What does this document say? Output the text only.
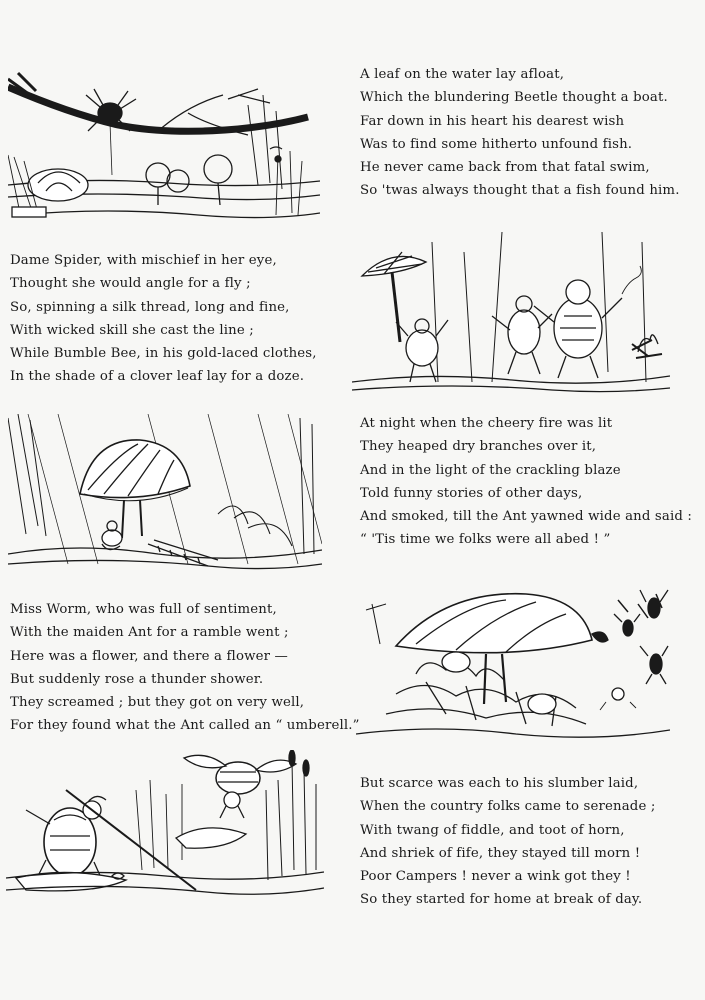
A leaf on the water lay afloat,
Which the blundering Beetle thought a boat.
Far down in his heart his dearest wish
Was to find some hitherto unfound fish.
He never came back from that fatal swim,
So 'twas always thought that a fish found him.
Dame Spider, with mischief in her eye,
Thought she would angle for a fly ;
So, spinning a silk thread, long and fine,
With wicked skill she cast the line ;
While Bumble Bee, in his gold-laced clothes,
In the shade of a clover leaf lay for a doze.
At night when the cheery fire was lit
They heaped dry branches over it,
And in the light of the crackling blaze
Told funny stories of other days,
And smoked, till the Ant yawned wide and said :
“ 'Tis time we folks were all abed ! ”
Miss Worm, who was full of sentiment,
With the maiden Ant for a ramble went ;
Here was a flower, and there a flower —
But suddenly rose a thunder shower.
They screamed ; but they got on very well,
For they found what the Ant called an “ umberell.”
But scarce was each to his slumber laid,
When the country folks came to serenade ;
With twang of fiddle, and toot of horn,
And shriek of fife, they stayed till morn !
Poor Campers ! never a wink got they !
So they started for home at break of day.
